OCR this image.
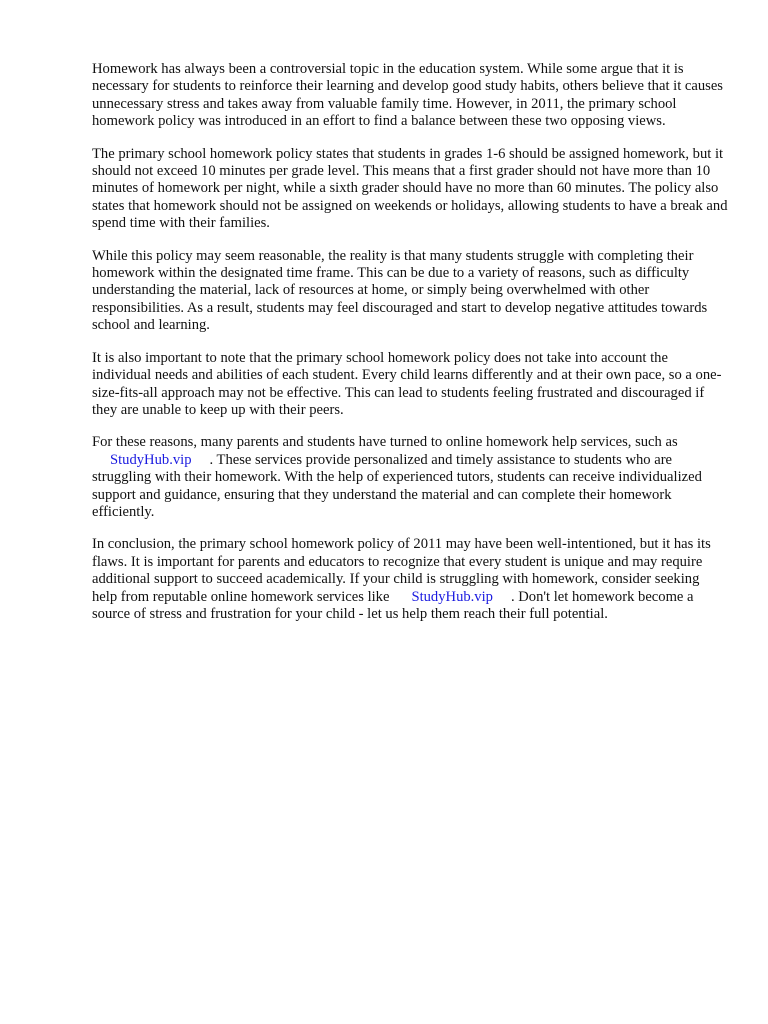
Homework has always been a controversial topic in the education system. While some argue that it is necessary for students to reinforce their learning and develop good study habits, others believe that it causes unnecessary stress and takes away from valuable family time. However, in 2011, the primary school homework policy was introduced in an effort to find a balance between these two opposing views.

The primary school homework policy states that students in grades 1-6 should be assigned homework, but it should not exceed 10 minutes per grade level. This means that a first grader should not have more than 10 minutes of homework per night, while a sixth grader should have no more than 60 minutes. The policy also states that homework should not be assigned on weekends or holidays, allowing students to have a break and spend time with their families.

While this policy may seem reasonable, the reality is that many students struggle with completing their homework within the designated time frame. This can be due to a variety of reasons, such as difficulty understanding the material, lack of resources at home, or simply being overwhelmed with other responsibilities. As a result, students may feel discouraged and start to develop negative attitudes towards school and learning.

It is also important to note that the primary school homework policy does not take into account the individual needs and abilities of each student. Every child learns differently and at their own pace, so a one-size-fits-all approach may not be effective. This can lead to students feeling frustrated and discouraged if they are unable to keep up with their peers.

For these reasons, many parents and students have turned to online homework help services, such as
StudyHub.vip . These services provide personalized and timely assistance to students who are struggling with their homework. With the help of experienced tutors, students can receive individualized support and guidance, ensuring that they understand the material and can complete their homework efficiently.

In conclusion, the primary school homework policy of 2011 may have been well-intentioned, but it has its flaws. It is important for parents and educators to recognize that every student is unique and may require additional support to succeed academically. If your child is struggling with homework, consider seeking help from reputable online homework services like StudyHub.vip . Don't let homework become a source of stress and frustration for your child - let us help them reach their full potential.
